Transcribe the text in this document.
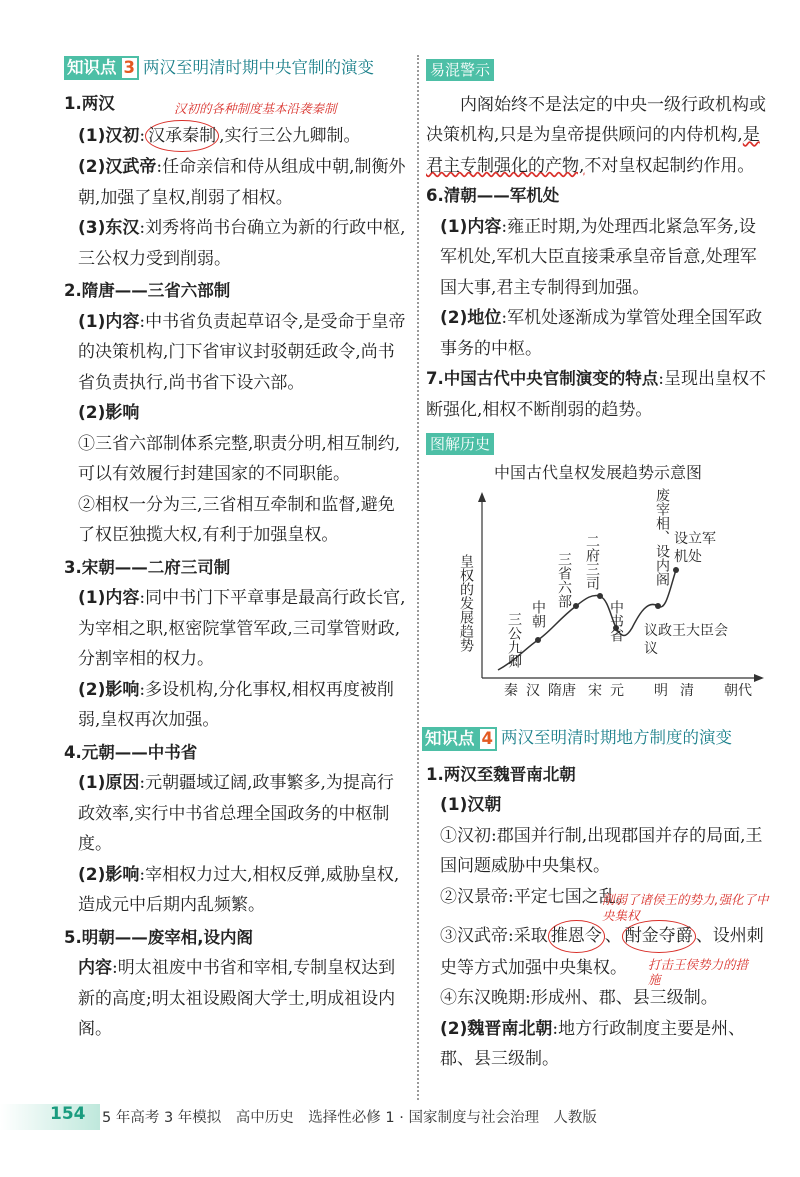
知识点 3 两汉至明清时期中央官制的演变
1.两汉	汉初的各种制度基本沿袭秦制
(1)汉初: 汉承秦制 ,实行三公九卿制。
(2)汉武帝:任命亲信和侍从组成中朝,制衡外朝,加强了皇权,削弱了相权。
(3)东汉:刘秀将尚书台确立为新的行政中枢,三公权力受到削弱。
2.隋唐——三省六部制
(1)内容:中书省负责起草诏令,是受命于皇帝的决策机构,门下省审议封驳朝廷政令,尚书省负责执行,尚书省下设六部。
(2)影响
①三省六部制体系完整,职责分明,相互制约,可以有效履行封建国家的不同职能。
②相权一分为三,三省相互牵制和监督,避免了权臣独揽大权,有利于加强皇权。
3.宋朝——二府三司制
(1)内容:同中书门下平章事是最高行政长官,为宰相之职,枢密院掌管军政,三司掌管财政,分割宰相的权力。
(2)影响:多设机构,分化事权,相权再度被削弱,皇权再次加强。
4.元朝——中书省
(1)原因:元朝疆域辽阔,政事繁多,为提高行政效率,实行中书省总理全国政务的中枢制度。
(2)影响:宰相权力过大,相权反弹,威胁皇权,造成元中后期内乱频繁。
5.明朝——废宰相,设内阁
内容:明太祖废中书省和宰相,专制皇权达到新的高度;明太祖设殿阁大学士,明成祖设内阁。
易混警示
内阁始终不是法定的中央一级行政机构或决策机构,只是为皇帝提供顾问的内侍机构,是君主专制强化的产物,不对皇权起制约作用。
6.清朝——军机处
(1)内容:雍正时期,为处理西北紧急军务,设军机处,军机大臣直接秉承皇帝旨意,处理军国大事,君主专制得到加强。
(2)地位:军机处逐渐成为掌管处理全国军政事务的中枢。
7.中国古代中央官制演变的特点:呈现出皇权不断强化,相权不断削弱的趋势。
图解历史
中国古代皇权发展趋势示意图
皇权的发展趋势 三公九卿 中朝
三省六部 二府三司
中书省
废宰相、设内阁 设立军机处
议政王大臣会议
秦 汉 隋唐 宋 元	明 清	朝代
知识点 4 两汉至明清时期地方制度的演变
1.两汉至魏晋南北朝
(1)汉朝
①汉初:郡国并行制,出现郡国并存的局面,王国问题威胁中央集权。
②汉景帝:平定七国之乱。
削弱了诸侯王的势力,强化了中央集权
③汉武帝:采取 推恩令 、 酎金夺爵 、设州刺史等方式加强中央集权。	打击王侯势力的措施
④东汉晚期:形成州、郡、县三级制。
(2)魏晋南北朝:地方行政制度主要是州、郡、县三级制。
154 5 年高考 3 年模拟　高中历史　选择性必修 1 · 国家制度与社会治理　人教版
